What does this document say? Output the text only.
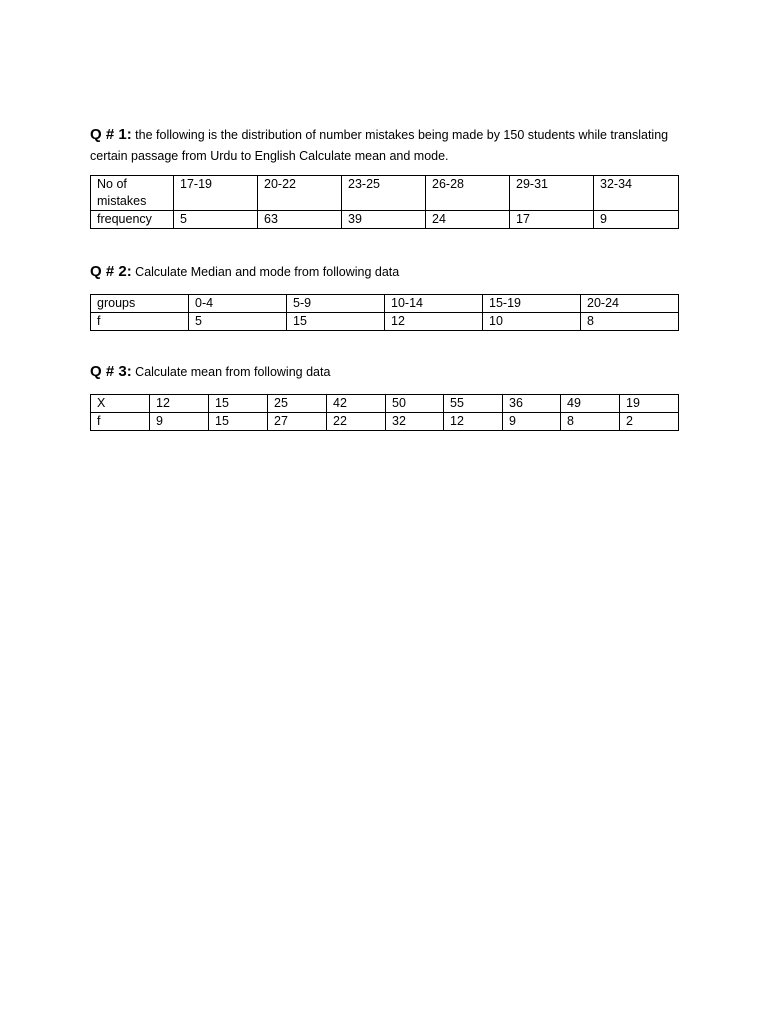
Q # 1: the following is the distribution of number mistakes being made by 150 students while translating certain passage from Urdu to English Calculate mean and mode.

No of mistakes	17-19	20-22	23-25	26-28	29-31	32-34
frequency	5	63	39	24	17	9

Q # 2: Calculate Median and mode from following data

groups	0-4	5-9	10-14	15-19	20-24
f	5	15	12	10	8

Q # 3: Calculate mean from following data

X	12	15	25	42	50	55	36	49	19
f	9	15	27	22	32	12	9	8	2
